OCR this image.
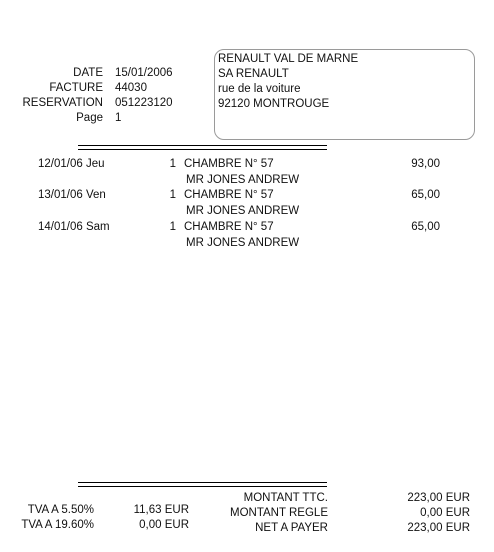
DATE 15/01/2006
FACTURE 44030
RESERVATION 051223120
Page 1
RENAULT VAL DE MARNE
SA RENAULT
rue de la voiture
92120 MONTROUGE
12/01/06 Jeu	1 CHAMBRE N° 57	93,00
MR JONES ANDREW
13/01/06 Ven	1 CHAMBRE N° 57	65,00
MR JONES ANDREW
14/01/06 Sam	1 CHAMBRE N° 57	65,00
MR JONES ANDREW
TVA A 5.50%	11,63 EUR
TVA A 19.60%	0,00 EUR
MONTANT TTC.	223,00 EUR
MONTANT REGLE	0,00 EUR
NET A PAYER	223,00 EUR
